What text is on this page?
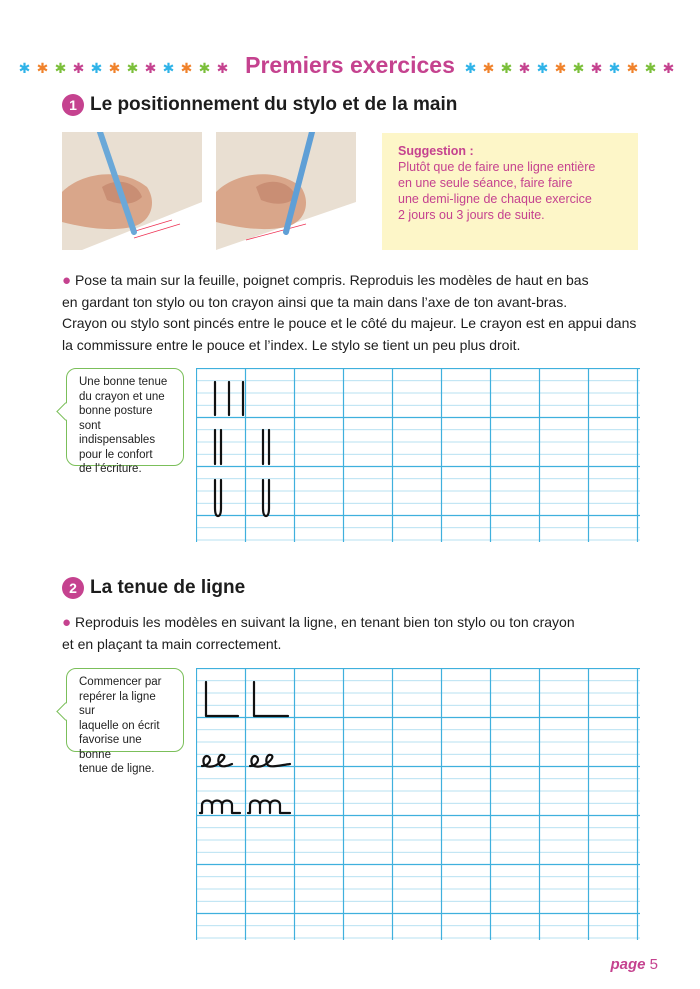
✱ ✱ ✱ ✱ ✱ ✱ ✱ ✱ ✱ ✱ ✱ ✱	✱ ✱ ✱ ✱ ✱ ✱ ✱ ✱ ✱ ✱ ✱ ✱
Premiers exercices
1 Le positionnement du stylo et de la main
Suggestion :
Plutôt que de faire une ligne entière
en une seule séance, faire faire
une demi-ligne de chaque exercice
2 jours ou 3 jours de suite.
● Pose ta main sur la feuille, poignet compris. Reproduis les modèles de haut en bas
en gardant ton stylo ou ton crayon ainsi que ta main dans l’axe de ton avant-bras.
Crayon ou stylo sont pincés entre le pouce et le côté du majeur. Le crayon est en appui dans
la commissure entre le pouce et l’index. Le stylo se tient un peu plus droit.
Une bonne tenue
du crayon et une
bonne posture sont
indispensables
pour le confort
de l’écriture.
2 La tenue de ligne
● Reproduis les modèles en suivant la ligne, en tenant bien ton stylo ou ton crayon
et en plaçant ta main correctement.
Commencer par
repérer la ligne sur
laquelle on écrit
favorise une bonne
tenue de ligne.
page 5
